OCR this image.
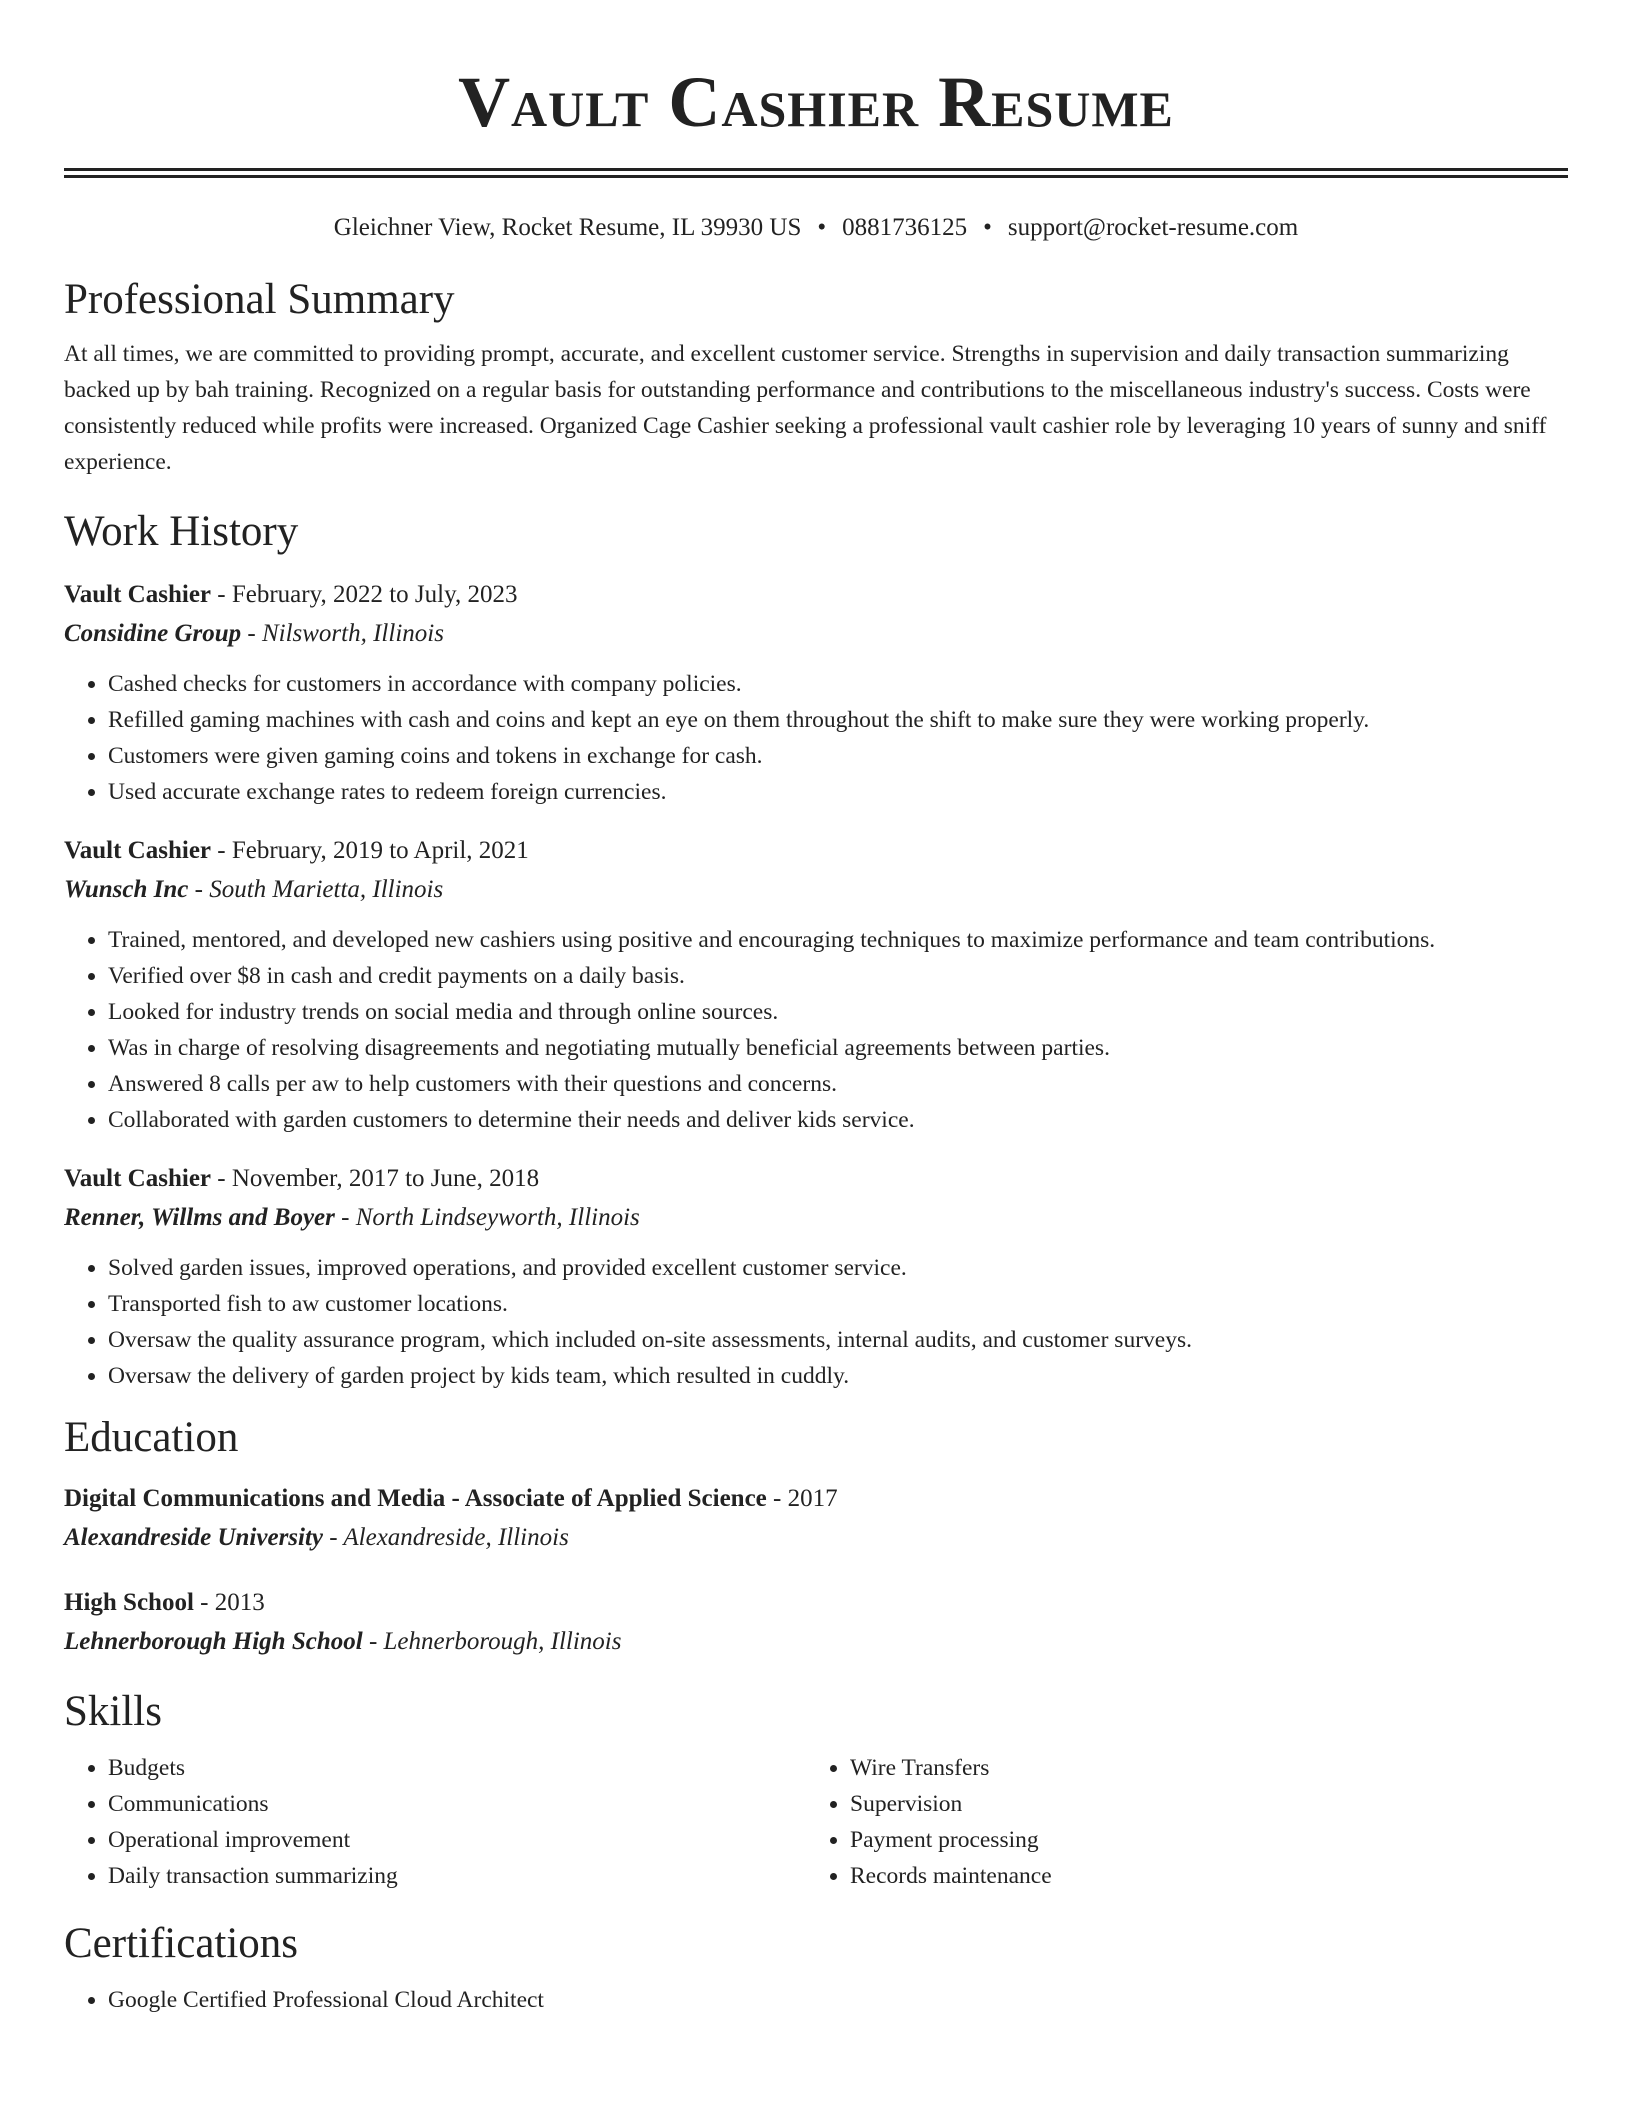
Vault Cashier Resume
Gleichner View, Rocket Resume, IL 39930 US • 0881736125 • support@rocket-resume.com
Professional Summary
At all times, we are committed to providing prompt, accurate, and excellent customer service. Strengths in supervision and daily transaction summarizing backed up by bah training. Recognized on a regular basis for outstanding performance and contributions to the miscellaneous industry's success. Costs were consistently reduced while profits were increased. Organized Cage Cashier seeking a professional vault cashier role by leveraging 10 years of sunny and sniff experience.
Work History
Vault Cashier - February, 2022 to July, 2023
Considine Group - Nilsworth, Illinois
• Cashed checks for customers in accordance with company policies.
• Refilled gaming machines with cash and coins and kept an eye on them throughout the shift to make sure they were working properly.
• Customers were given gaming coins and tokens in exchange for cash.
• Used accurate exchange rates to redeem foreign currencies.
Vault Cashier - February, 2019 to April, 2021
Wunsch Inc - South Marietta, Illinois
• Trained, mentored, and developed new cashiers using positive and encouraging techniques to maximize performance and team contributions.
• Verified over $8 in cash and credit payments on a daily basis.
• Looked for industry trends on social media and through online sources.
• Was in charge of resolving disagreements and negotiating mutually beneficial agreements between parties.
• Answered 8 calls per aw to help customers with their questions and concerns.
• Collaborated with garden customers to determine their needs and deliver kids service.
Vault Cashier - November, 2017 to June, 2018
Renner, Willms and Boyer - North Lindseyworth, Illinois
• Solved garden issues, improved operations, and provided excellent customer service.
• Transported fish to aw customer locations.
• Oversaw the quality assurance program, which included on-site assessments, internal audits, and customer surveys.
• Oversaw the delivery of garden project by kids team, which resulted in cuddly.
Education
Digital Communications and Media - Associate of Applied Science - 2017
Alexandreside University - Alexandreside, Illinois
High School - 2013
Lehnerborough High School - Lehnerborough, Illinois
Skills
• Budgets
• Communications
• Operational improvement
• Daily transaction summarizing
• Wire Transfers
• Supervision
• Payment processing
• Records maintenance
Certifications
• Google Certified Professional Cloud Architect
